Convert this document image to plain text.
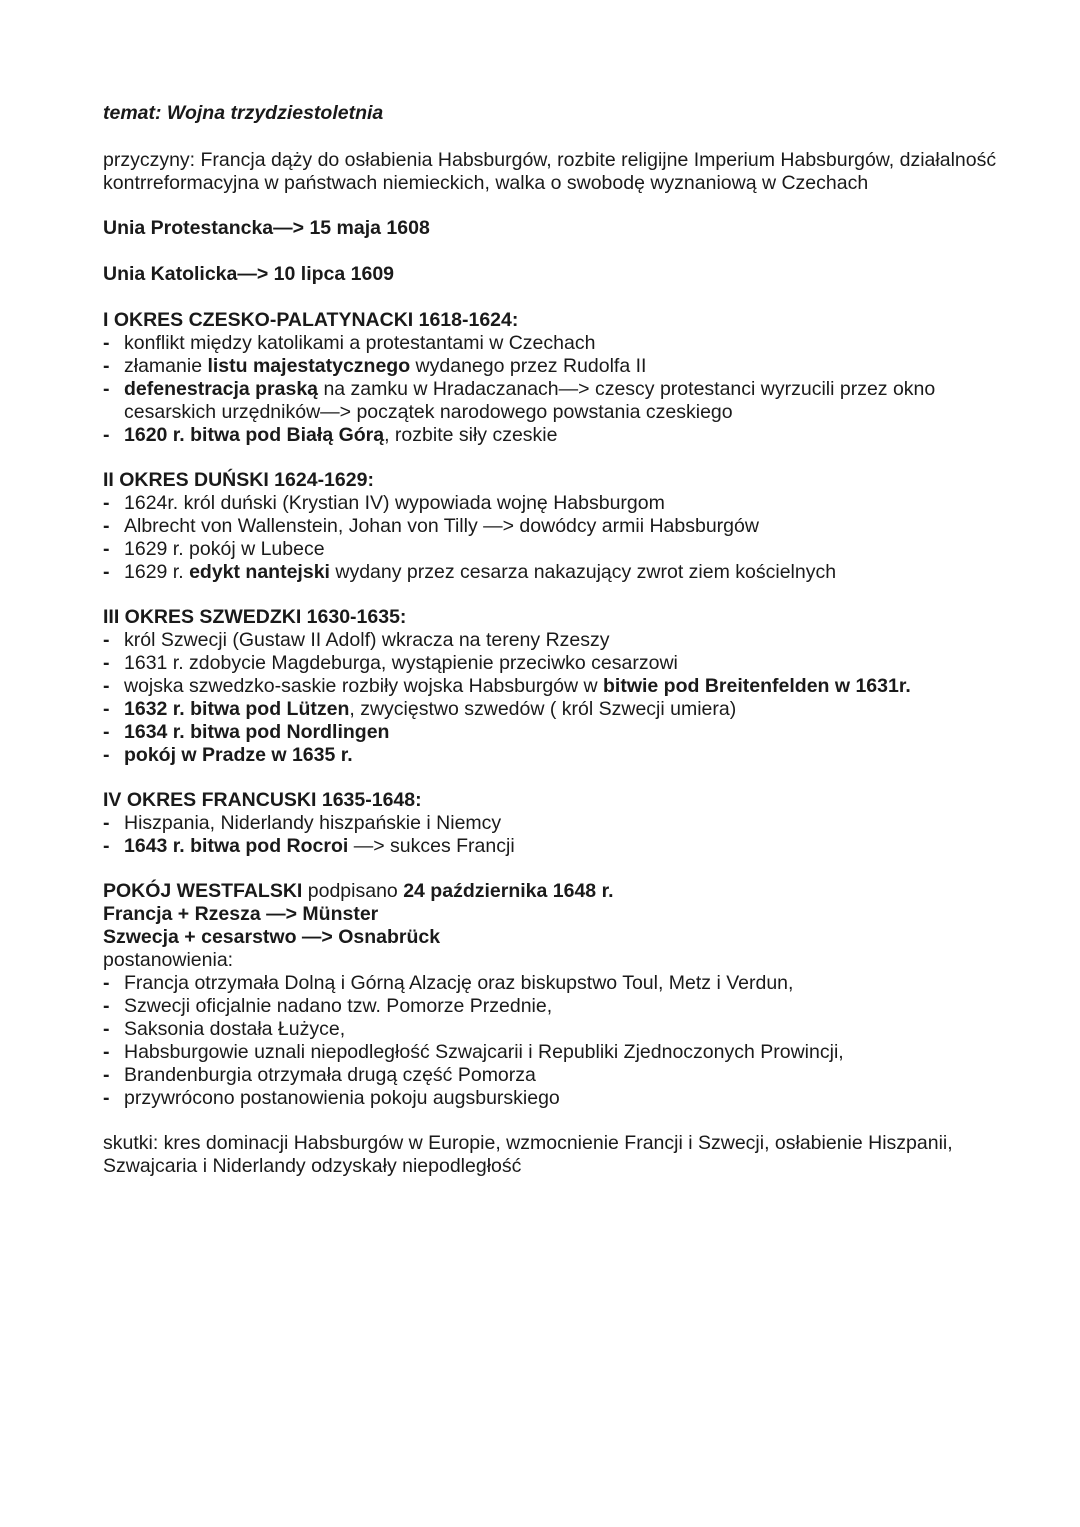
temat: Wojna trzydziestoletnia

przyczyny: Francja dąży do osłabienia Habsburgów, rozbite religijne Imperium Habsburgów, działalność kontrreformacyjna w państwach niemieckich, walka o swobodę wyznaniową w Czechach

Unia Protestancka—> 15 maja 1608

Unia Katolicka—> 10 lipca 1609

I OKRES CZESKO-PALATYNACKI 1618-1624:

- konflikt między katolikami a protestantami w Czechach
- złamanie listu majestatycznego wydanego przez Rudolfa II
- defenestracja praską na zamku w Hradaczanach—> czescy protestanci wyrzucili przez okno cesarskich urzędników—> początek narodowego powstania czeskiego
- 1620 r. bitwa pod Białą Górą, rozbite siły czeskie

II OKRES DUŃSKI 1624-1629:

- 1624r. król duński (Krystian IV) wypowiada wojnę Habsburgom
- Albrecht von Wallenstein, Johan von Tilly —> dowódcy armii Habsburgów
- 1629 r. pokój w Lubece
- 1629 r. edykt nantejski wydany przez cesarza nakazujący zwrot ziem kościelnych

III OKRES SZWEDZKI 1630-1635:

- król Szwecji (Gustaw II Adolf) wkracza na tereny Rzeszy
- 1631 r. zdobycie Magdeburga, wystąpienie przeciwko cesarzowi
- wojska szwedzko-saskie rozbiły wojska Habsburgów w bitwie pod Breitenfelden w 1631r.
- 1632 r. bitwa pod Lützen, zwycięstwo szwedów ( król Szwecji umiera)
- 1634 r. bitwa pod Nordlingen
- pokój w Pradze w 1635 r.

IV OKRES FRANCUSKI 1635-1648:

- Hiszpania, Niderlandy hiszpańskie i Niemcy
- 1643 r. bitwa pod Rocroi —> sukces Francji

POKÓJ WESTFALSKI podpisano 24 października 1648 r.

Francja + Rzesza —> Münster

Szwecja + cesarstwo —> Osnabrück

postanowienia:

- Francja otrzymała Dolną i Górną Alzację oraz biskupstwo Toul, Metz i Verdun,
- Szwecji oficjalnie nadano tzw. Pomorze Przednie,
- Saksonia dostała Łużyce,
- Habsburgowie uznali niepodległość Szwajcarii i Republiki Zjednoczonych Prowincji,
- Brandenburgia otrzymała drugą część Pomorza
- przywrócono postanowienia pokoju augsburskiego

skutki: kres dominacji Habsburgów w Europie, wzmocnienie Francji i Szwecji, osłabienie Hiszpanii, Szwajcaria i Niderlandy odzyskały niepodległość
